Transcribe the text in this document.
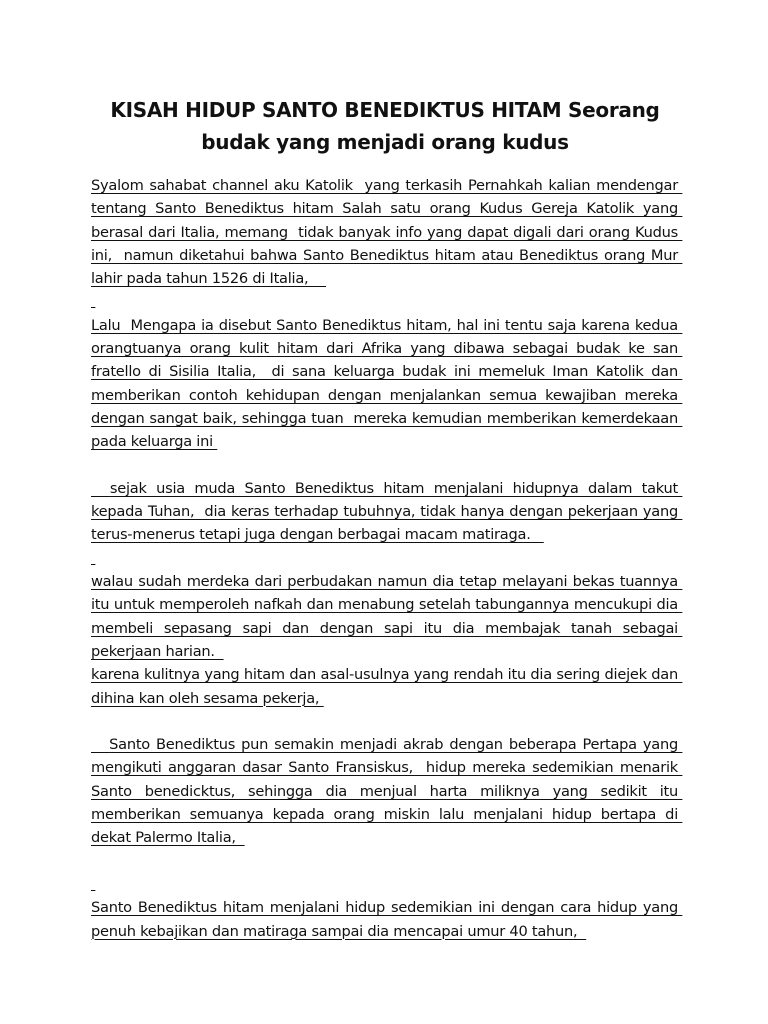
KISAH HIDUP SANTO BENEDIKTUS HITAM Seorang budak yang menjadi orang kudus

Syalom sahabat channel aku Katolik  yang terkasih Pernahkah kalian mendengar tentang Santo Benediktus hitam Salah satu orang Kudus Gereja Katolik yang berasal dari Italia, memang  tidak banyak info yang dapat digali dari orang Kudus ini,  namun diketahui bahwa Santo Benediktus hitam atau Benediktus orang Mur lahir pada tahun 1526 di Italia,

Lalu  Mengapa ia disebut Santo Benediktus hitam, hal ini tentu saja karena kedua orangtuanya orang kulit hitam dari Afrika yang dibawa sebagai budak ke san fratello di Sisilia Italia,  di sana keluarga budak ini memeluk Iman Katolik dan memberikan contoh kehidupan dengan menjalankan semua kewajiban mereka dengan sangat baik, sehingga tuan  mereka kemudian memberikan kemerdekaan pada keluarga ini

sejak usia muda Santo Benediktus hitam menjalani hidupnya dalam takut kepada Tuhan,  dia keras terhadap tubuhnya, tidak hanya dengan pekerjaan yang terus-menerus tetapi juga dengan berbagai macam matiraga.

walau sudah merdeka dari perbudakan namun dia tetap melayani bekas tuannya itu untuk memperoleh nafkah dan menabung setelah tabungannya mencukupi dia membeli sepasang sapi dan dengan sapi itu dia membajak tanah sebagai pekerjaan harian.

karena kulitnya yang hitam dan asal-usulnya yang rendah itu dia sering diejek dan dihina kan oleh sesama pekerja,

Santo Benediktus pun semakin menjadi akrab dengan beberapa Pertapa yang mengikuti anggaran dasar Santo Fransiskus,  hidup mereka sedemikian menarik Santo benedicktus, sehingga dia menjual harta miliknya yang sedikit itu memberikan semuanya kepada orang miskin lalu menjalani hidup bertapa di dekat Palermo Italia,

Santo Benediktus hitam menjalani hidup sedemikian ini dengan cara hidup yang penuh kebajikan dan matiraga sampai dia mencapai umur 40 tahun,
